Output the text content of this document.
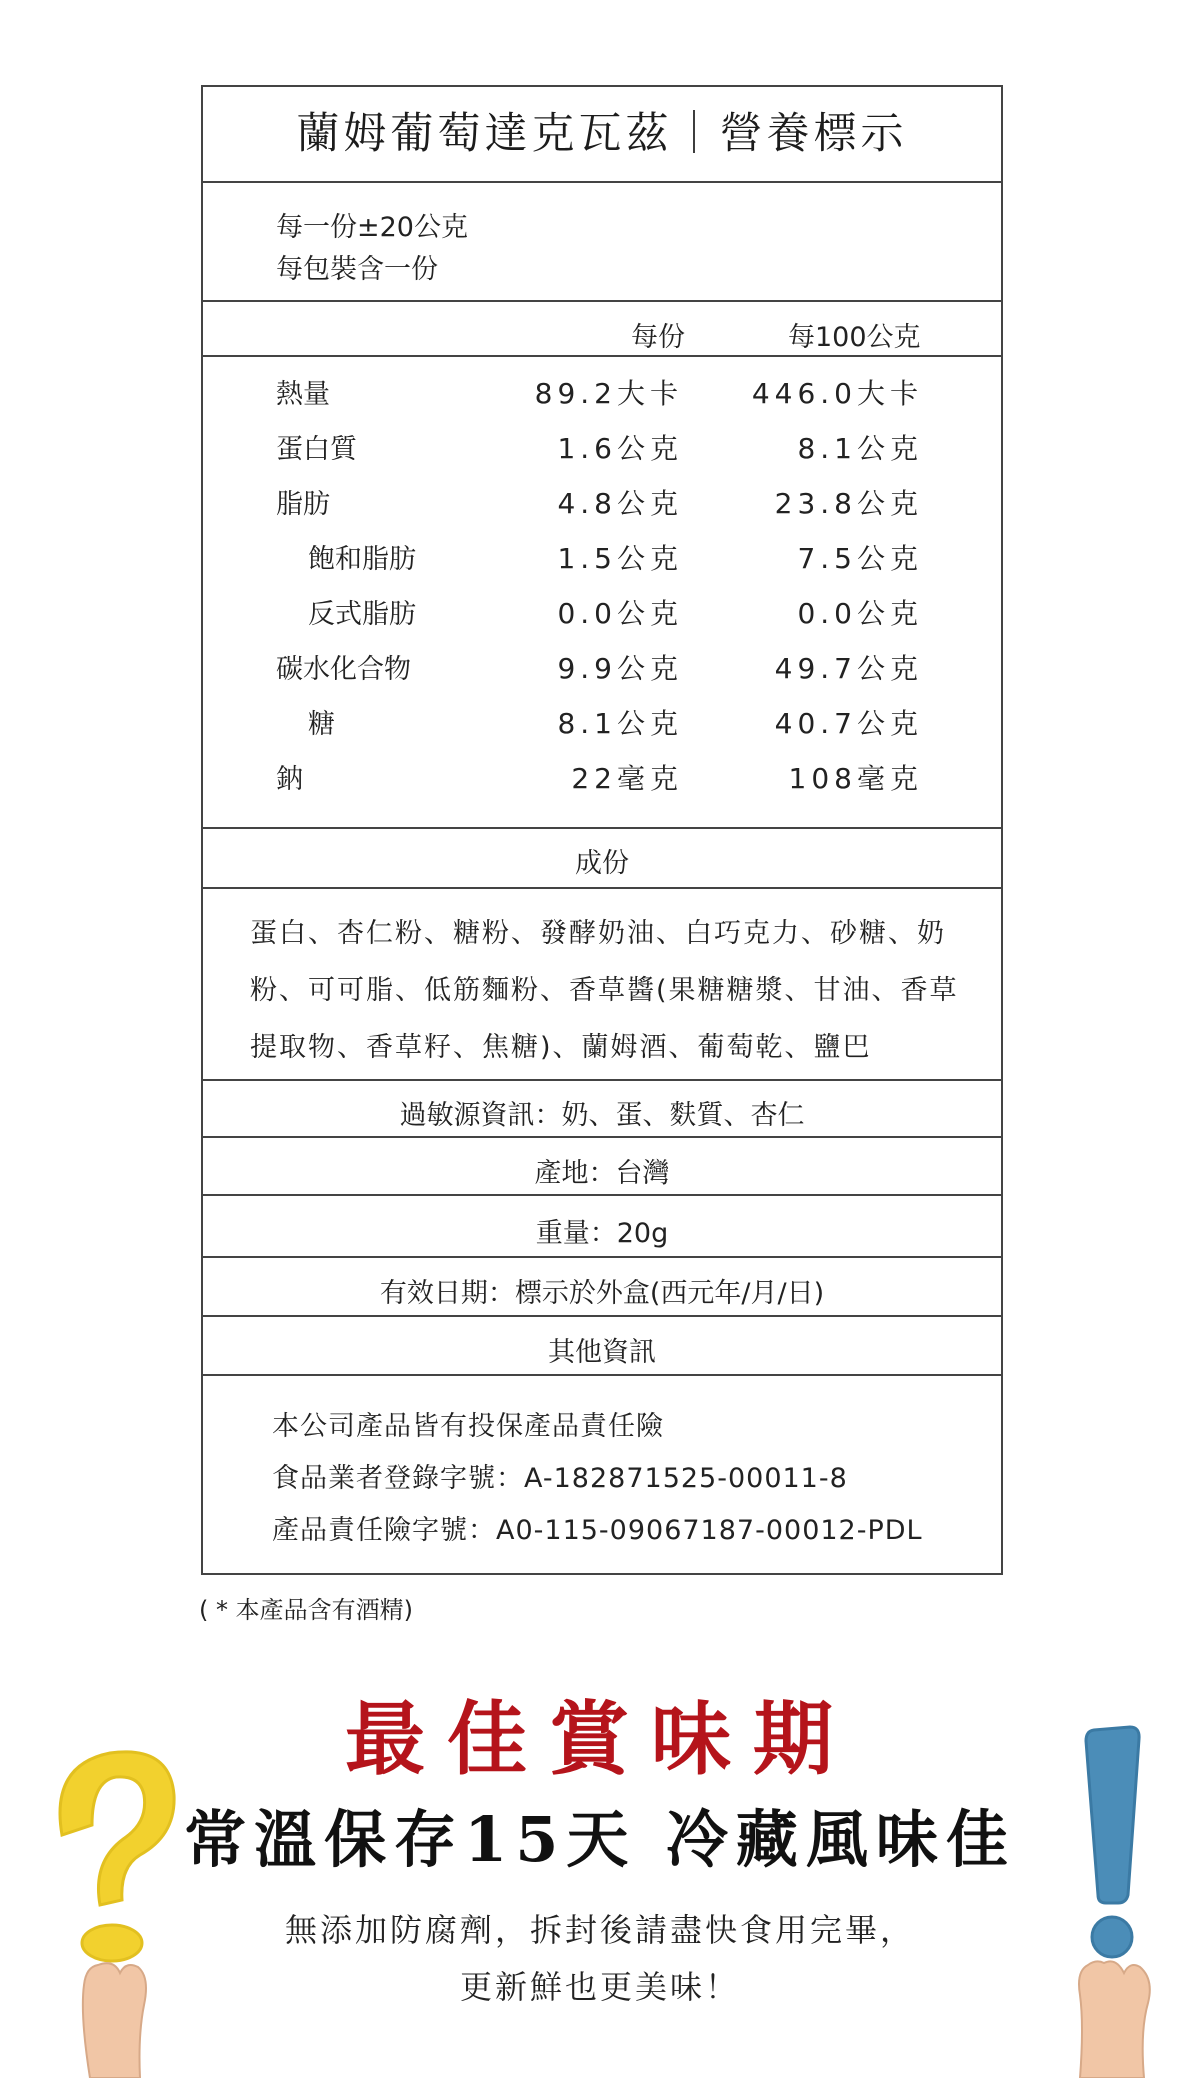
蘭姆葡萄達克瓦茲｜營養標示
每一份±20公克
每包裝含一份
每份	每100公克
熱量	89.2大卡	446.0大卡
蛋白質	1.6公克	8.1公克
脂肪	4.8公克	23.8公克
飽和脂肪	1.5公克	7.5公克
反式脂肪	0.0公克	0.0公克
碳水化合物	9.9公克	49.7公克
糖	8.1公克	40.7公克
鈉	22毫克	108毫克
成份
蛋白、杏仁粉、糖粉、發酵奶油、白巧克力、砂糖、奶
粉、可可脂、低筋麵粉、香草醬(果糖糖漿、甘油、香草
提取物、香草籽、焦糖)、蘭姆酒、葡萄乾、鹽巴
過敏源資訊：奶、蛋、麩質、杏仁
產地：台灣
重量：20g
有效日期：標示於外盒(西元年/月/日)
其他資訊
本公司產品皆有投保產品責任險
食品業者登錄字號：A-182871525-00011-8
產品責任險字號：A0-115-09067187-00012-PDL
( * 本產品含有酒精)
最佳賞味期
常溫保存15天 冷藏風味佳
無添加防腐劑，拆封後請盡快食用完畢，
更新鮮也更美味！
